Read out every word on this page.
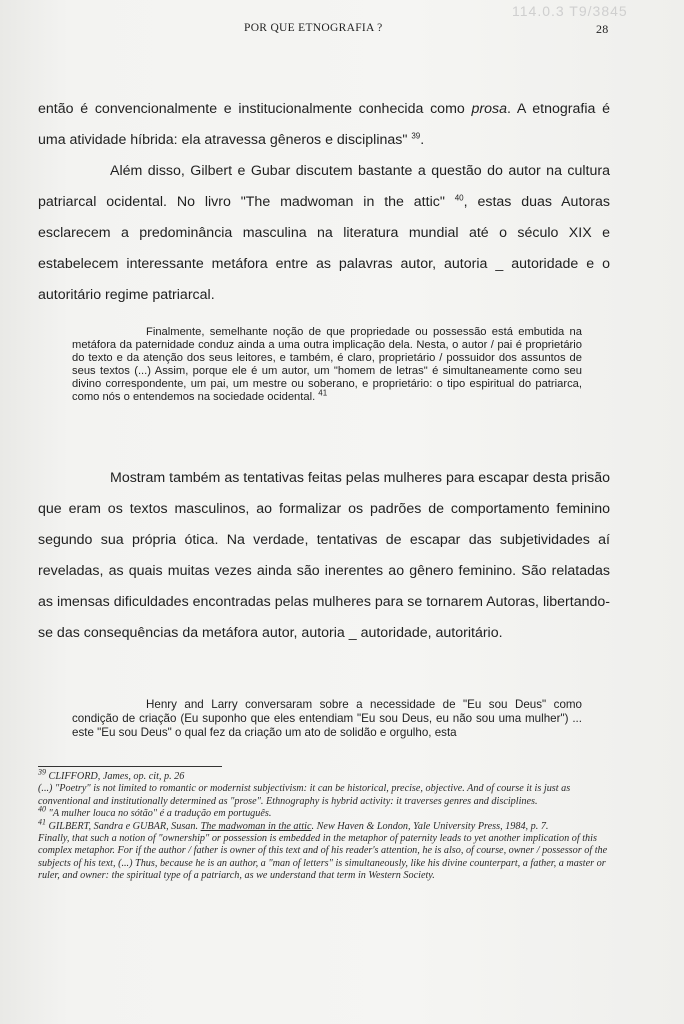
114.0.3 T9/3845
POR QUE ETNOGRAFIA ?	28

então é convencionalmente e institucionalmente conhecida como prosa. A etnografia é uma atividade híbrida: ela atravessa gêneros e disciplinas" $^{39}$.

Além disso, Gilbert e Gubar discutem bastante a questão do autor na cultura patriarcal ocidental. No livro "The madwoman in the attic" $^{40}$, estas duas Autoras esclarecem a predominância masculina na literatura mundial até o século XIX e estabelecem interessante metáfora entre as palavras autor, autoria _ autoridade e o autoritário regime patriarcal.

Finalmente, semelhante noção de que propriedade ou possessão está embutida na metáfora da paternidade conduz ainda a uma outra implicação dela. Nesta, o autor / pai é proprietário do texto e da atenção dos seus leitores, e também, é claro, proprietário / possuidor dos assuntos de seus textos (...) Assim, porque ele é um autor, um "homem de letras" é simultaneamente como seu divino correspondente, um pai, um mestre ou soberano, e proprietário: o tipo espiritual do patriarca, como nós o entendemos na sociedade ocidental. $^{41}$

Mostram também as tentativas feitas pelas mulheres para escapar desta prisão que eram os textos masculinos, ao formalizar os padrões de comportamento feminino segundo sua própria ótica. Na verdade, tentativas de escapar das subjetividades aí reveladas, as quais muitas vezes ainda são inerentes ao gênero feminino. São relatadas as imensas dificuldades encontradas pelas mulheres para se tornarem Autoras, libertando-se das consequências da metáfora autor, autoria _ autoridade, autoritário.

Henry and Larry conversaram sobre a necessidade de "Eu sou Deus" como condição de criação (Eu suponho que eles entendiam "Eu sou Deus, eu não sou uma mulher") ... este "Eu sou Deus" o qual fez da criação um ato de solidão e orgulho, esta

$^{39}$ CLIFFORD, James, op. cit, p. 26

(...) "Poetry" is not limited to romantic or modernist subjectivism: it can be historical, precise, objective. And of course it is just as conventional and institutionally determined as "prose". Ethnography is hybrid activity: it traverses genres and disciplines.

$^{40}$ "A mulher louca no sótão" é a tradução em português.

$^{41}$ GILBERT, Sandra e GUBAR, Susan. The madwoman in the attic. New Haven & London, Yale University Press, 1984, p. 7.

Finally, that such a notion of "ownership" or possession is embedded in the metaphor of paternity leads to yet another implication of this complex metaphor. For if the author / father is owner of this text and of his reader's attention, he is also, of course, owner / possessor of the subjects of his text, (...) Thus, because he is an author, a "man of letters" is simultaneously, like his divine counterpart, a father, a master or ruler, and owner: the spiritual type of a patriarch, as we understand that term in Western Society.
